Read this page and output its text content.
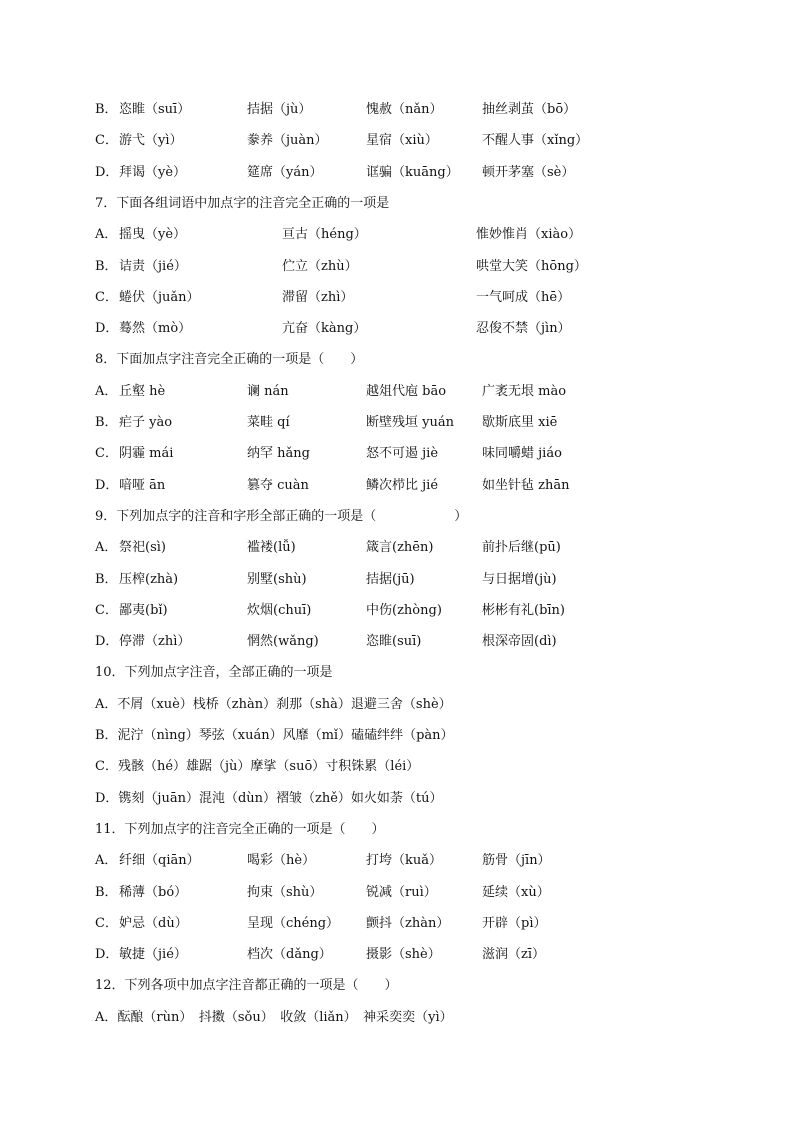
B． 恣睢（suī）	拮据（jù）	愧赦（nǎn）	抽丝剥茧（bō）
C． 游弋（yì）	豢养（juàn）	星宿（xiù）	不醒人事（xǐng）
D． 拜谒（yè）	筵席（yán）	诓骗（kuāng） 顿开茅塞（sè）
7．下面各组词语中加点字的注音完全正确的一项是
A． 摇曳（yè）	亘古（héng）	惟妙惟肖（xiào）
B． 诘责（jié）	伫立（zhù）	哄堂大笑（hōng）
C． 蜷伏（juǎn）	滞留（zhì）	一气呵成（hē）
D． 蓦然（mò）	亢奋（kàng）	忍俊不禁（jìn）
8．下面加点字注音完全正确的一项是（　　）
A． 丘壑 hè	谰 nán	越俎代庖 bāo	广袤无垠 mào
B． 疟子 yào	菜畦 qí	断壁残垣 yuán 歇斯底里 xiē
C． 阴霾 mái	纳罕 hǎng	怒不可遏 jiè	味同嚼蜡 jiáo
D． 喑哑 ān	篡夺 cuàn	鳞次栉比 jié	如坐针毡 zhān
9．下列加点字的注音和字形全部正确的一项是（　　　　　　）
A． 祭祀(sì)	褴褛(lǚ)	箴言(zhēn)	前扑后继(pū)
B． 压榨(zhà)	别墅(shù)	拮据(jū)	与日据增(jù)
C． 鄙夷(bǐ)	炊烟(chuī)	中伤(zhòng)	彬彬有礼(bīn)
D． 停滞（zhì）	惘然(wǎng)	恣睢(suī)	根深帝固(dì)
10．下列加点字注音，全部正确的一项是
A．不屑（xuè）栈桥（zhàn）刹那（shà）退避三舍（shè）
B．泥泞（nìng）琴弦（xuán）风靡（mǐ）磕磕绊绊（pàn）
C．残骸（hé）雄踞（jù）摩挲（suō）寸积铢累（léi）
D．镌刻（juān）混沌（dùn）褶皱（zhě）如火如荼（tú）
11．下列加点字的注音完全正确的一项是（　　）
A． 纤细（qiān）	喝彩（hè）	打垮（kuǎ）	筋骨（jīn）
B． 稀薄（bó）	拘束（shù）	锐减（ruì）	延续（xù）
C． 妒忌（dù）	呈现（chéng） 颤抖（zhàn）	开辟（pì）
D． 敏捷（jié）	档次（dǎng）	摄影（shè）	滋润（zī）
12．下列各项中加点字注音都正确的一项是（　　）
A．酝酿（rùn）　抖擞（sǒu）　收敛（liǎn）　神采奕奕（yì）
